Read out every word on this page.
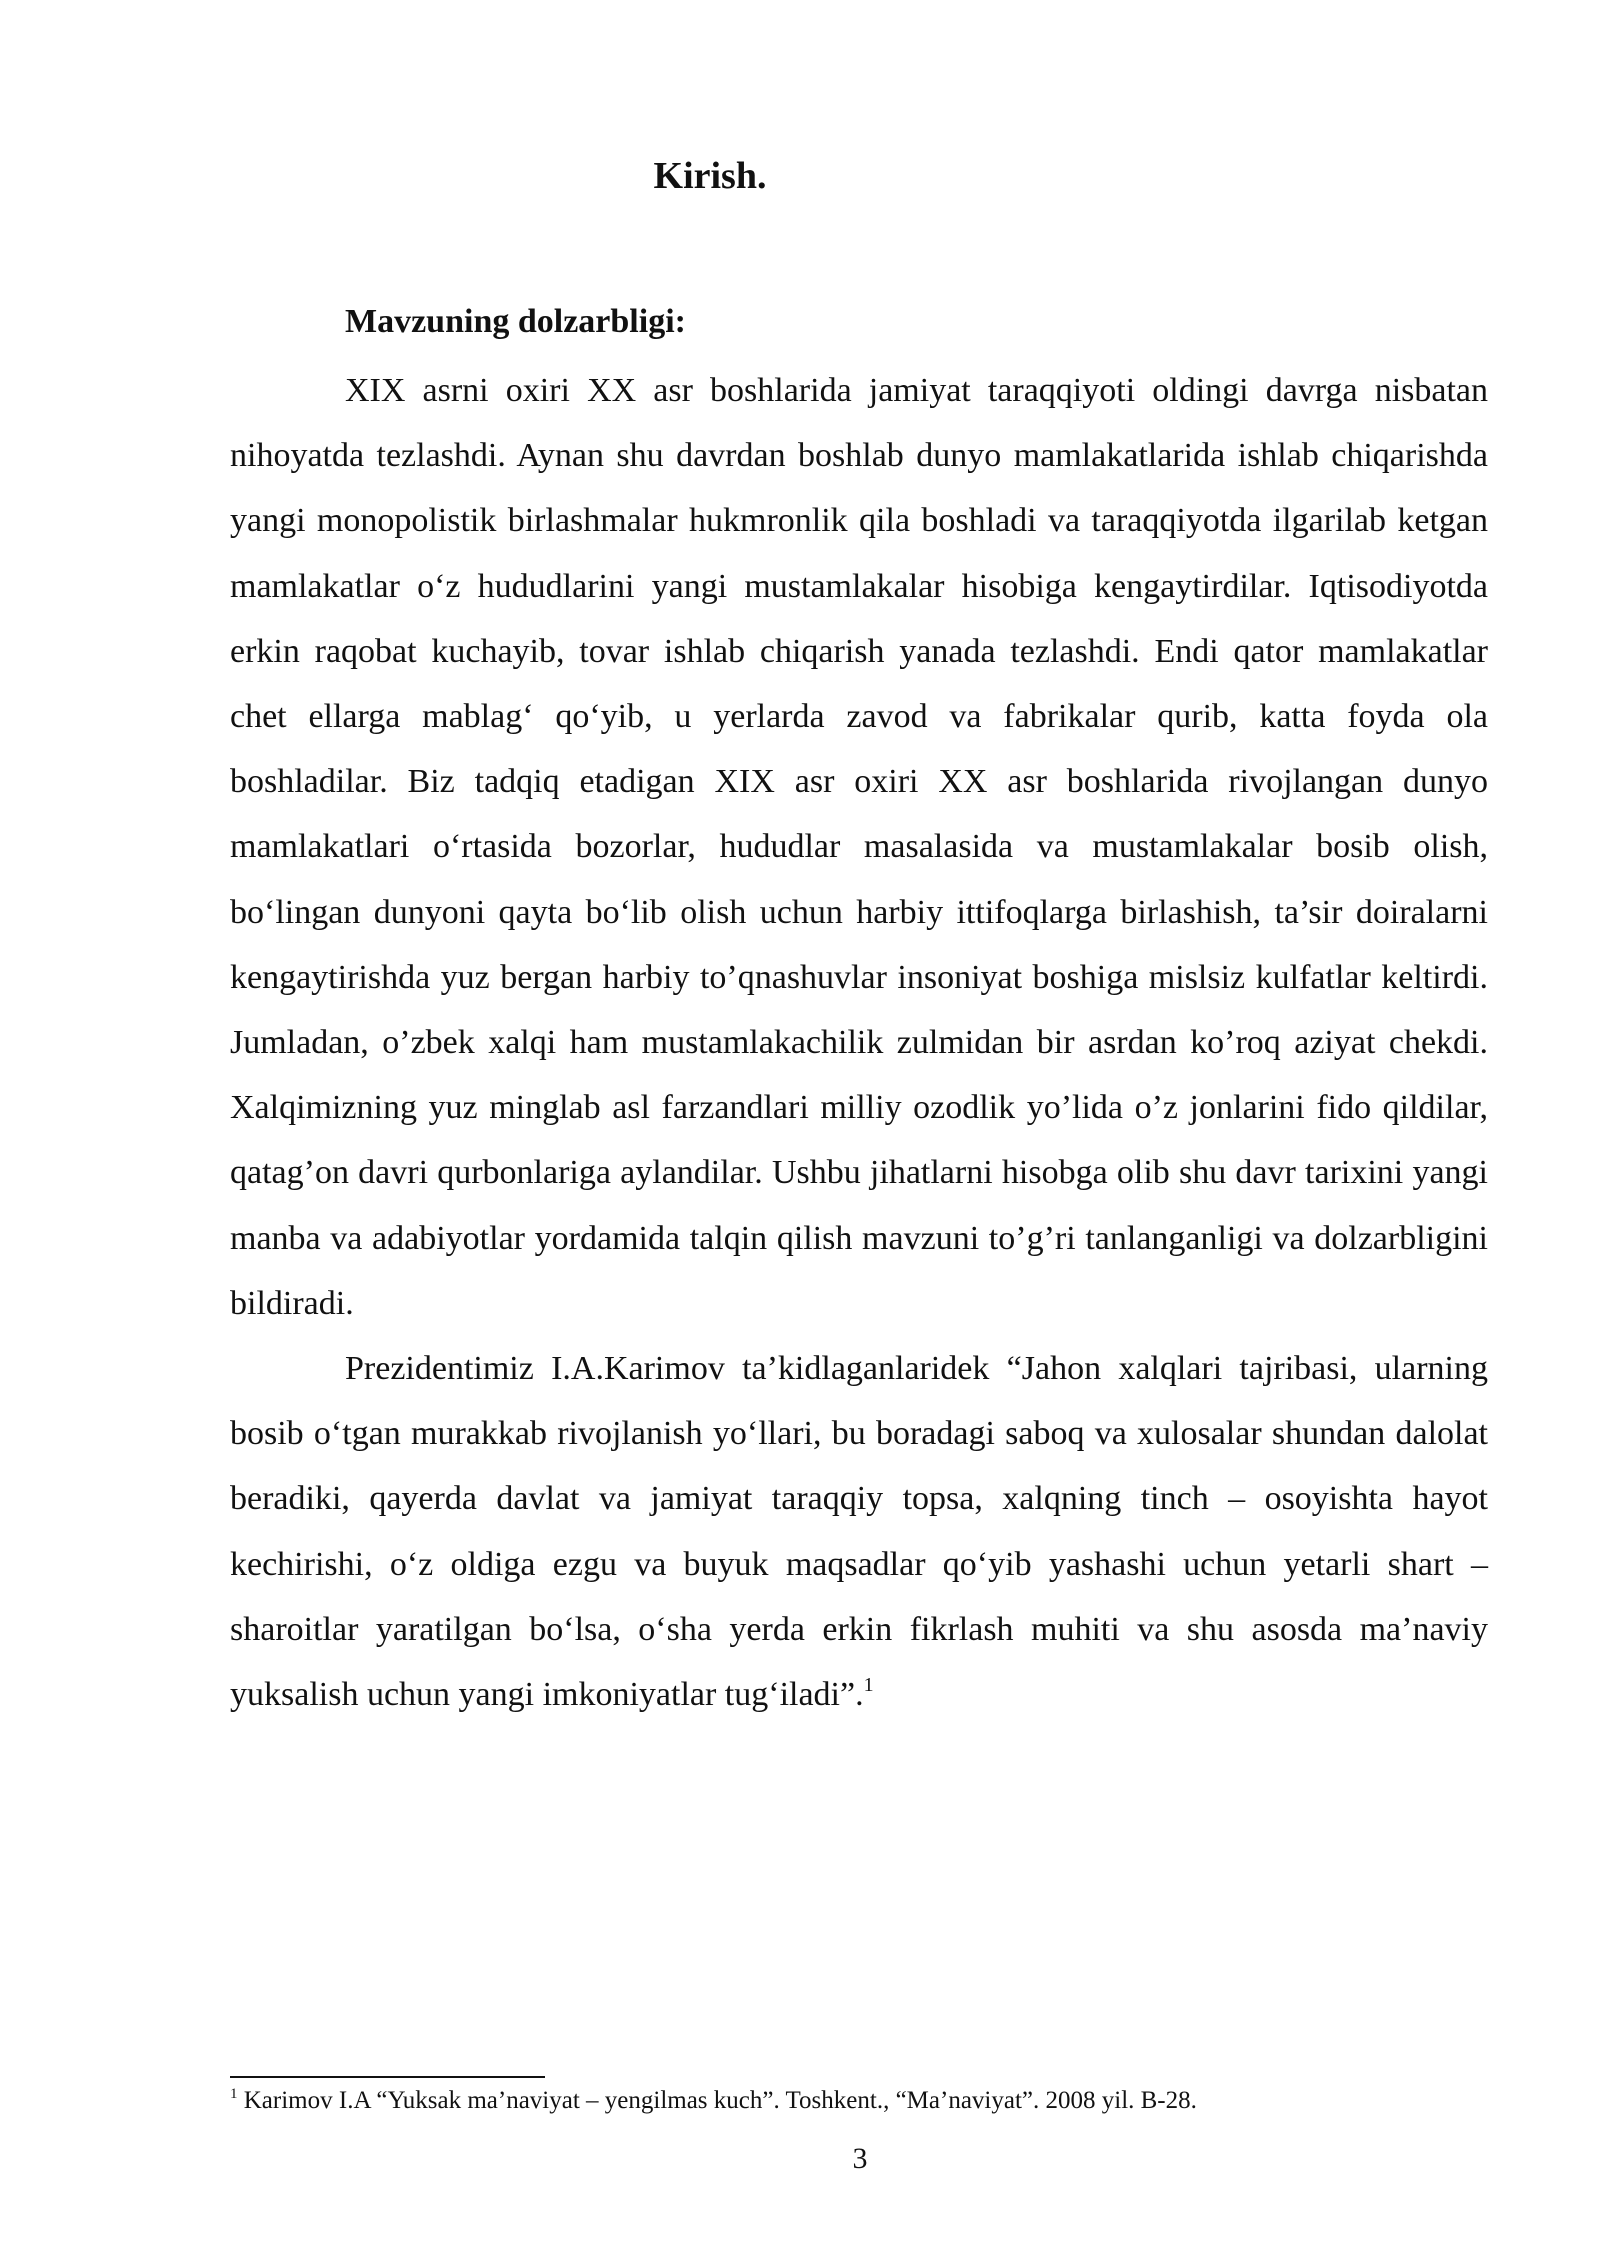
Kirish.
Mavzuning dolzarbligi:

XIX asrni oxiri XX asr boshlarida jamiyat taraqqiyoti oldingi davrga nisbatan nihoyatda tezlashdi. Aynan shu davrdan boshlab dunyo mamlakatlarida ishlab chiqarishda yangi monopolistik birlashmalar hukmronlik qila boshladi va taraqqiyotda ilgarilab ketgan mamlakatlar o‘z hududlarini yangi mustamlakalar hisobiga kengaytirdilar. Iqtisodiyotda erkin raqobat kuchayib, tovar ishlab chiqarish yanada tezlashdi. Endi qator mamlakatlar chet ellarga mablag‘ qo‘yib, u yerlarda zavod va fabrikalar qurib, katta foyda ola boshladilar. Biz tadqiq etadigan XIX asr oxiri XX asr boshlarida rivojlangan dunyo mamlakatlari o‘rtasida bozorlar, hududlar masalasida va mustamlakalar bosib olish, bo‘lingan dunyoni qayta bo‘lib olish uchun harbiy ittifoqlarga birlashish, ta’sir doiralarni kengaytirishda yuz bergan harbiy to’qnashuvlar insoniyat boshiga mislsiz kulfatlar keltirdi. Jumladan, o’zbek xalqi ham mustamlakachilik zulmidan bir asrdan ko’roq aziyat chekdi. Xalqimizning yuz minglab asl farzandlari milliy ozodlik yo’lida o’z jonlarini fido qildilar, qatag’on davri qurbonlariga aylandilar. Ushbu jihatlarni hisobga olib shu davr tarixini yangi manba va adabiyotlar yordamida talqin qilish mavzuni to’g’ri tanlanganligi va dolzarbligini bildiradi.

Prezidentimiz I.A.Karimov ta’kidlaganlaridek “Jahon xalqlari tajribasi, ularning bosib o‘tgan murakkab rivojlanish yo‘llari, bu boradagi saboq va xulosalar shundan dalolat beradiki, qayerda davlat va jamiyat taraqqiy topsa, xalqning tinch – osoyishta hayot kechirishi, o‘z oldiga ezgu va buyuk maqsadlar qo‘yib yashashi uchun yetarli shart – sharoitlar yaratilgan bo‘lsa, o‘sha yerda erkin fikrlash muhiti va shu asosda ma’naviy yuksalish uchun yangi imkoniyatlar tug‘iladi”.$^1$

$^1$ Karimov I.A “Yuksak ma’naviyat – yengilmas kuch”. Toshkent., “Ma’naviyat”. 2008 yil. B-28.
3
